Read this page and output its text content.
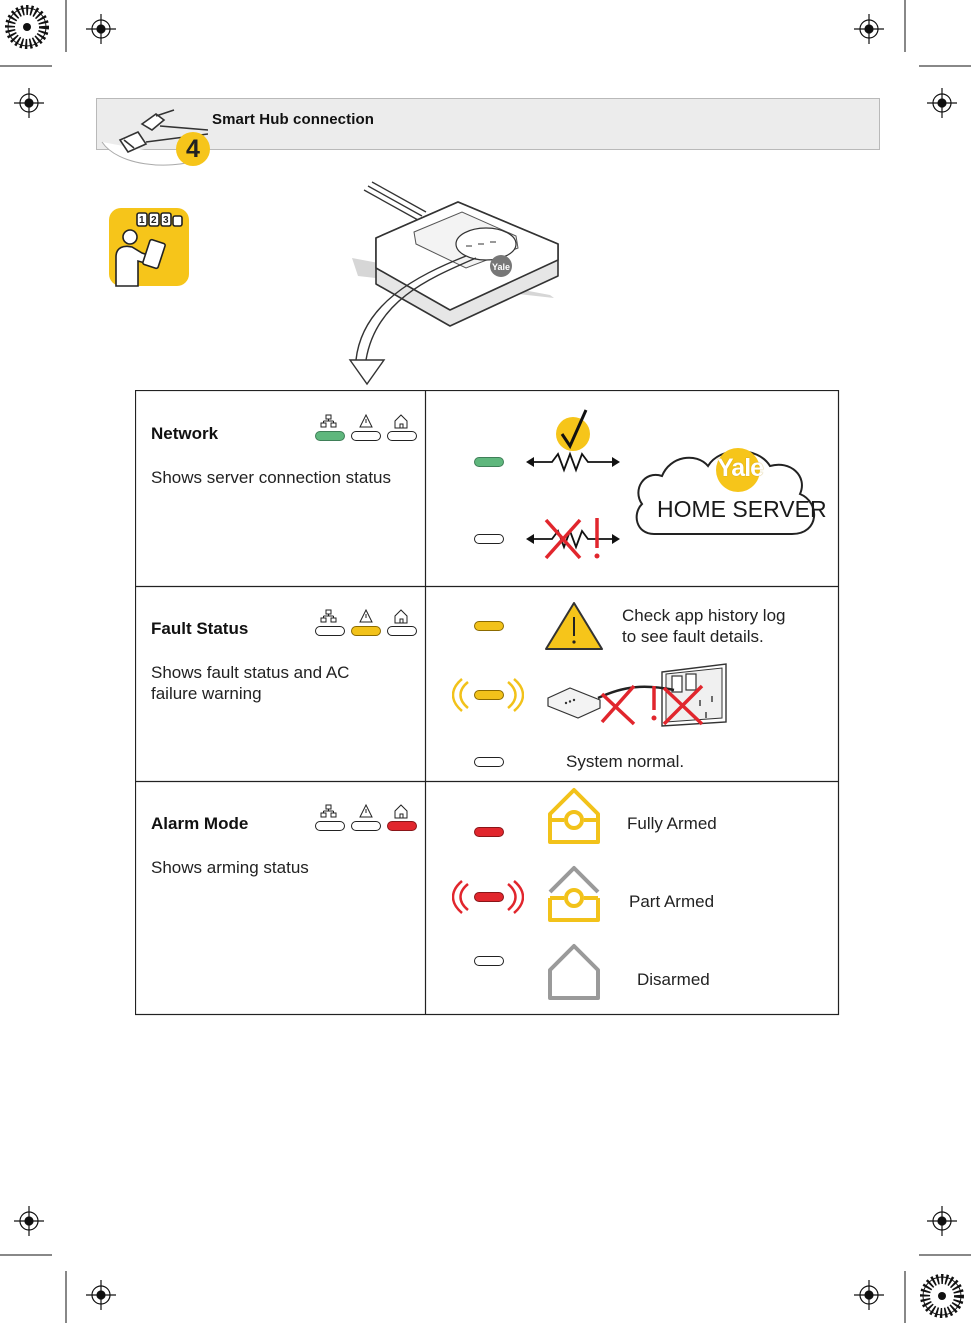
Smart Hub connection
4
1 2 3
Yale
Network
Shows server connection status	Yale
HOME SERVER
Fault Status
Shows fault status and AC
failure warning
Check app history log
to see fault details.
System normal.
Alarm Mode
Shows arming status
Fully Armed
Part Armed
Disarmed
